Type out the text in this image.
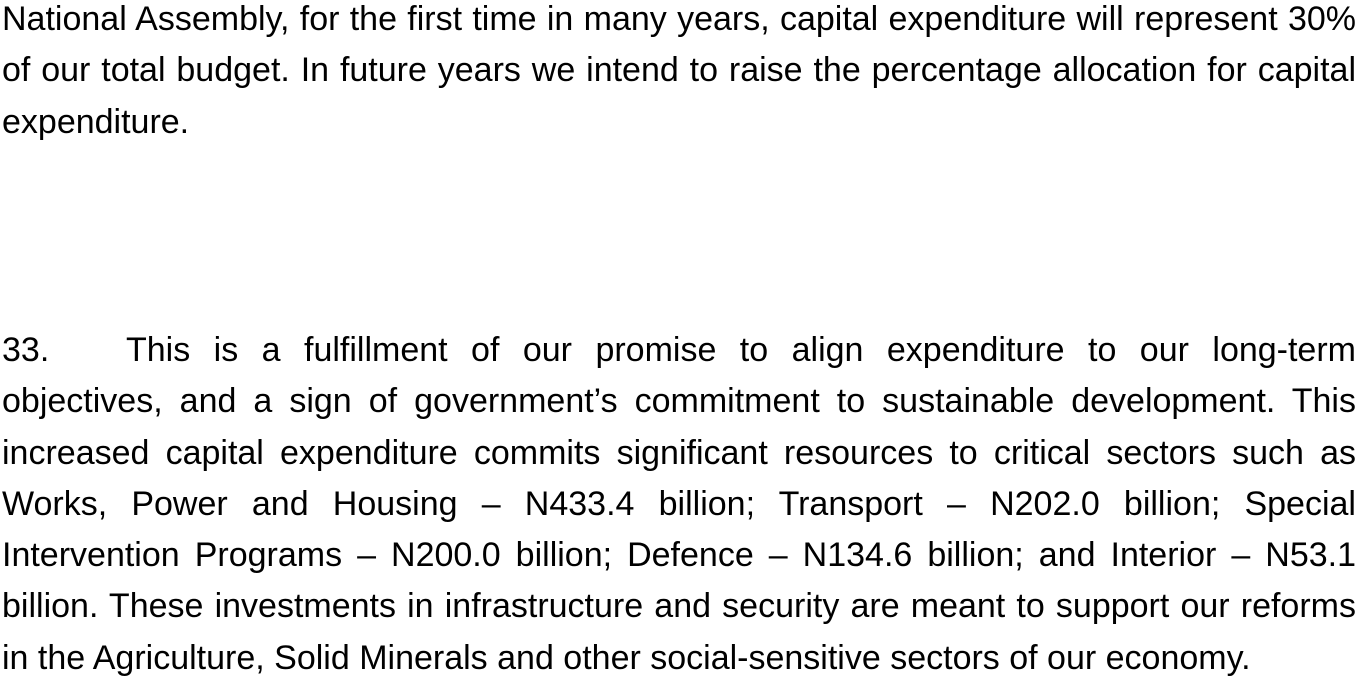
National Assembly, for the first time in many years, capital expenditure will represent 30% of our total budget. In future years we intend to raise the percentage allocation for capital expenditure.

33. This is a fulfillment of our promise to align expenditure to our long-term objectives, and a sign of government’s commitment to sustainable development. This increased capital expenditure commits significant resources to critical sectors such as Works, Power and Housing – N433.4 billion; Transport – N202.0 billion; Special Intervention Programs – N200.0 billion; Defence – N134.6 billion; and Interior – N53.1 billion. These investments in infrastructure and security are meant to support our reforms in the Agriculture, Solid Minerals and other social-sensitive sectors of our economy.
